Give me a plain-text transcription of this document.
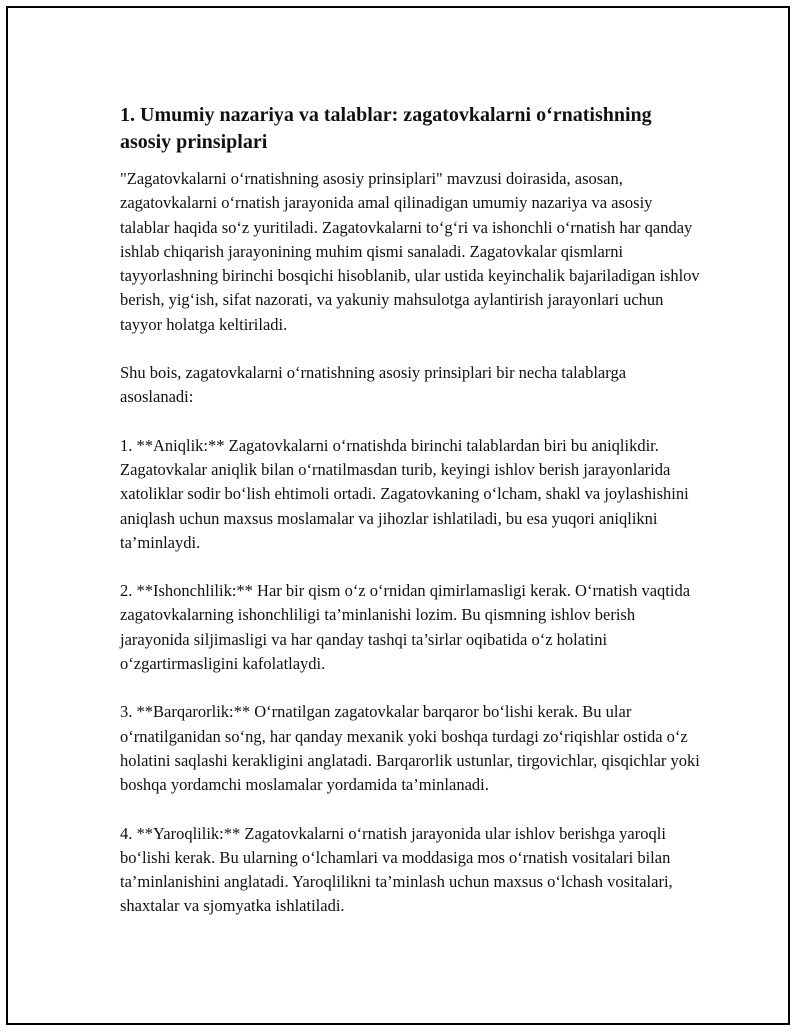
1. Umumiy nazariya va talablar: zagatovkalarni o‘rnatishning asosiy prinsiplari

"Zagatovkalarni o‘rnatishning asosiy prinsiplari" mavzusi doirasida, asosan, zagatovkalarni o‘rnatish jarayonida amal qilinadigan umumiy nazariya va asosiy talablar haqida so‘z yuritiladi. Zagatovkalarni to‘g‘ri va ishonchli o‘rnatish har qanday ishlab chiqarish jarayonining muhim qismi sanaladi. Zagatovkalar qismlarni tayyorlashning birinchi bosqichi hisoblanib, ular ustida keyinchalik bajariladigan ishlov berish, yig‘ish, sifat nazorati, va yakuniy mahsulotga aylantirish jarayonlari uchun tayyor holatga keltiriladi.

Shu bois, zagatovkalarni o‘rnatishning asosiy prinsiplari bir necha talablarga asoslanadi:

1. **Aniqlik:** Zagatovkalarni o‘rnatishda birinchi talablardan biri bu aniqlikdir. Zagatovkalar aniqlik bilan o‘rnatilmasdan turib, keyingi ishlov berish jarayonlarida xatoliklar sodir bo‘lish ehtimoli ortadi. Zagatovkaning o‘lcham, shakl va joylashishini aniqlash uchun maxsus moslamalar va jihozlar ishlatiladi, bu esa yuqori aniqlikni ta’minlaydi.

2. **Ishonchlilik:** Har bir qism o‘z o‘rnidan qimirlamasligi kerak. O‘rnatish vaqtida zagatovkalarning ishonchliligi ta’minlanishi lozim. Bu qismning ishlov berish jarayonida siljimasligi va har qanday tashqi ta’sirlar oqibatida o‘z holatini o‘zgartirmasligini kafolatlaydi.

3. **Barqarorlik:** O‘rnatilgan zagatovkalar barqaror bo‘lishi kerak. Bu ular o‘rnatilganidan so‘ng, har qanday mexanik yoki boshqa turdagi zo‘riqishlar ostida o‘z holatini saqlashi kerakligini anglatadi. Barqarorlik ustunlar, tirgovichlar, qisqichlar yoki boshqa yordamchi moslamalar yordamida ta’minlanadi.

4. **Yaroqlilik:** Zagatovkalarni o‘rnatish jarayonida ular ishlov berishga yaroqli bo‘lishi kerak. Bu ularning o‘lchamlari va moddasiga mos o‘rnatish vositalari bilan ta’minlanishini anglatadi. Yaroqlilikni ta’minlash uchun maxsus o‘lchash vositalari, shaxtalar va sjomyatka ishlatiladi.
